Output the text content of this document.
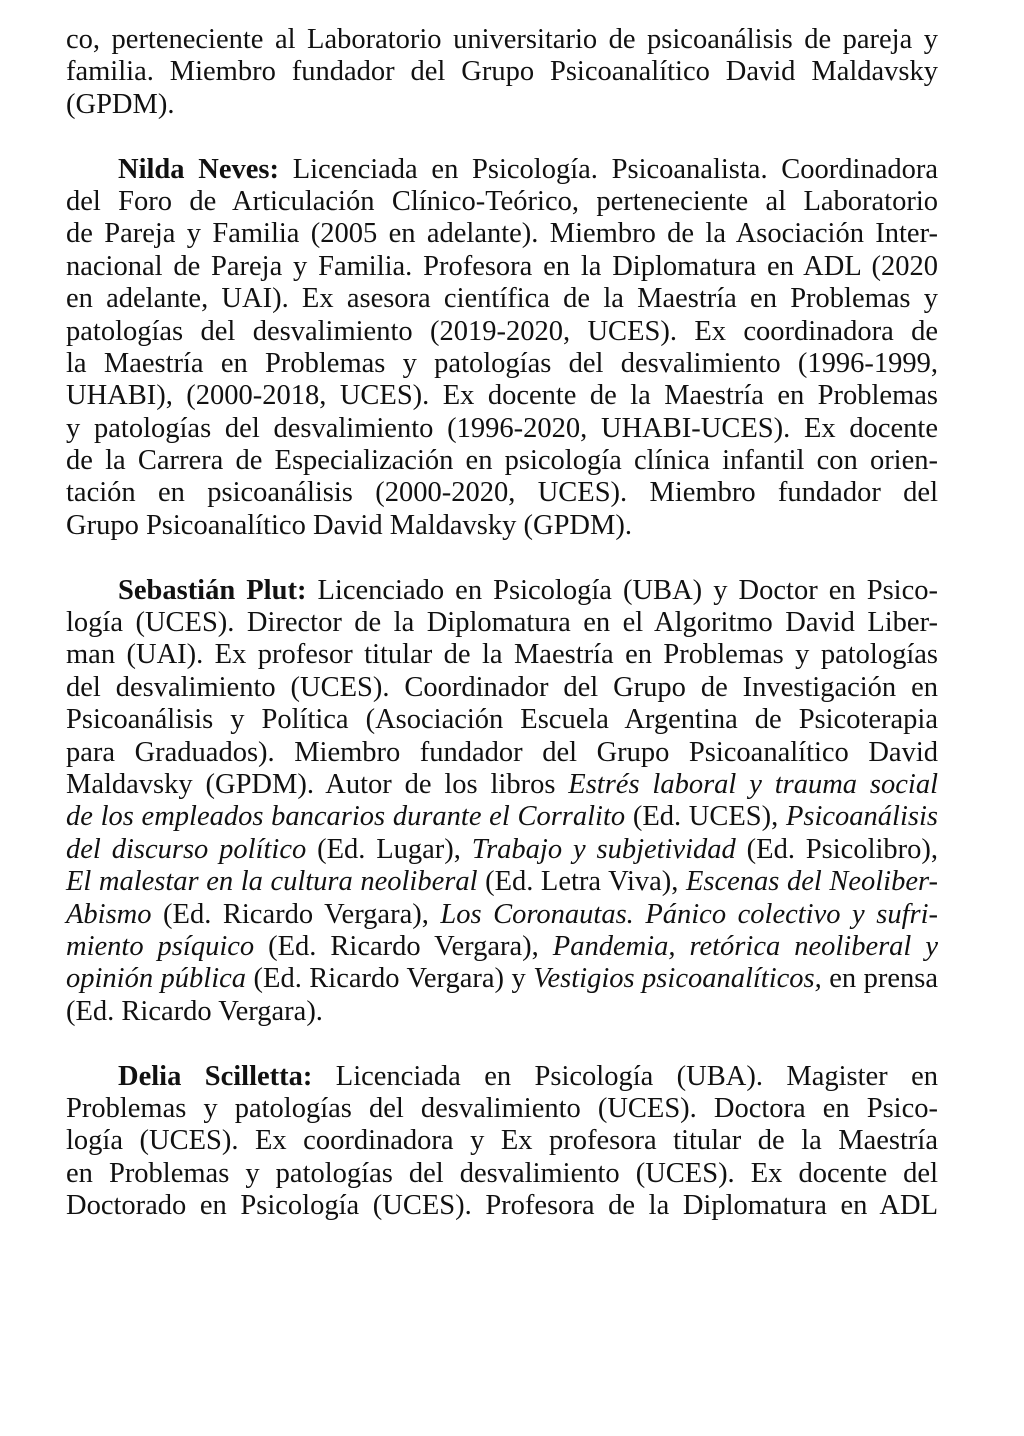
co, perteneciente al Laboratorio universitario de psicoanálisis de pareja y
familia. Miembro fundador del Grupo Psicoanalítico David Maldavsky
(GPDM).
Nilda Neves: Licenciada en Psicología. Psicoanalista. Coordinadora
del Foro de Articulación Clínico-Teórico, perteneciente al Laboratorio
de Pareja y Familia (2005 en adelante). Miembro de la Asociación Inter-
nacional de Pareja y Familia. Profesora en la Diplomatura en ADL (2020
en adelante, UAI). Ex asesora científica de la Maestría en Problemas y
patologías del desvalimiento (2019-2020, UCES). Ex coordinadora de
la Maestría en Problemas y patologías del desvalimiento (1996-1999,
UHABI), (2000-2018, UCES). Ex docente de la Maestría en Problemas
y patologías del desvalimiento (1996-2020, UHABI-UCES). Ex docente
de la Carrera de Especialización en psicología clínica infantil con orien-
tación en psicoanálisis (2000-2020, UCES). Miembro fundador del
Grupo Psicoanalítico David Maldavsky (GPDM).
Sebastián Plut: Licenciado en Psicología (UBA) y Doctor en Psico-
logía (UCES). Director de la Diplomatura en el Algoritmo David Liber-
man (UAI). Ex profesor titular de la Maestría en Problemas y patologías
del desvalimiento (UCES). Coordinador del Grupo de Investigación en
Psicoanálisis y Política (Asociación Escuela Argentina de Psicoterapia
para Graduados). Miembro fundador del Grupo Psicoanalítico David
Maldavsky (GPDM). Autor de los libros Estrés laboral y trauma social
de los empleados bancarios durante el Corralito (Ed. UCES), Psicoanálisis
del discurso político (Ed. Lugar), Trabajo y subjetividad (Ed. Psicolibro),
El malestar en la cultura neoliberal (Ed. Letra Viva), Escenas del Neoliber-
Abismo (Ed. Ricardo Vergara), Los Coronautas. Pánico colectivo y sufri-
miento psíquico (Ed. Ricardo Vergara), Pandemia, retórica neoliberal y
opinión pública (Ed. Ricardo Vergara) y Vestigios psicoanalíticos, en prensa
(Ed. Ricardo Vergara).
Delia Scilletta: Licenciada en Psicología (UBA). Magister en
Problemas y patologías del desvalimiento (UCES). Doctora en Psico-
logía (UCES). Ex coordinadora y Ex profesora titular de la Maestría
en Problemas y patologías del desvalimiento (UCES). Ex docente del
Doctorado en Psicología (UCES). Profesora de la Diplomatura en ADL
